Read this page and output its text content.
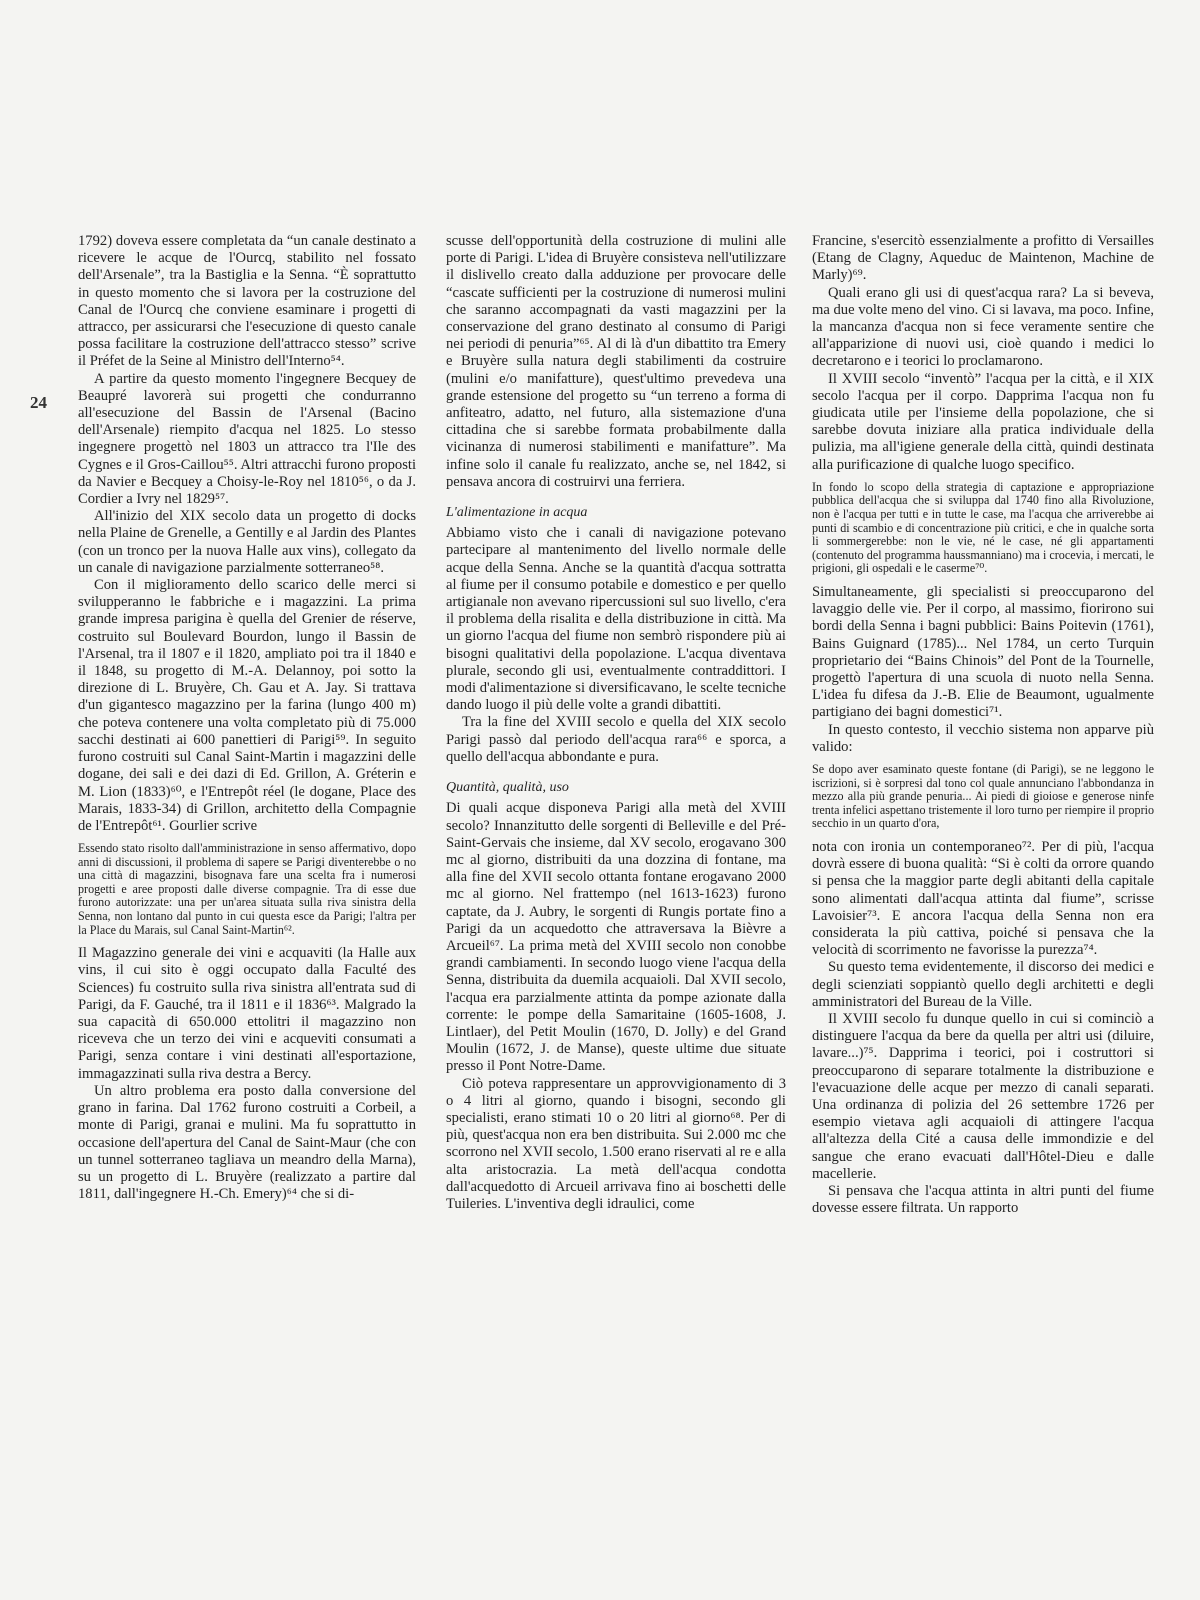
24

1792) doveva essere completata da “un canale destinato a ricevere le acque de l'Ourcq, stabilito nel fossato dell'Arsenale”, tra la Bastiglia e la Senna. “È soprattutto in questo momento che si lavora per la costruzione del Canal de l'Ourcq che conviene esaminare i progetti di attracco, per assicurarsi che l'esecuzione di questo canale possa facilitare la costruzione dell'attracco stesso” scrive il Préfet de la Seine al Ministro dell'Interno⁵⁴.

A partire da questo momento l'ingegnere Becquey de Beaupré lavorerà sui progetti che condurranno all'esecuzione del Bassin de l'Arsenal (Bacino dell'Arsenale) riempito d'acqua nel 1825. Lo stesso ingegnere progettò nel 1803 un attracco tra l'Ile des Cygnes e il Gros-Caillou⁵⁵. Altri attracchi furono proposti da Navier e Becquey a Choisy-le-Roy nel 1810⁵⁶, o da J. Cordier a Ivry nel 1829⁵⁷.

All'inizio del XIX secolo data un progetto di docks nella Plaine de Grenelle, a Gentilly e al Jardin des Plantes (con un tronco per la nuova Halle aux vins), collegato da un canale di navigazione parzialmente sotterraneo⁵⁸.

Con il miglioramento dello scarico delle merci si svilupperanno le fabbriche e i magazzini. La prima grande impresa parigina è quella del Grenier de réserve, costruito sul Boulevard Bourdon, lungo il Bassin de l'Arsenal, tra il 1807 e il 1820, ampliato poi tra il 1840 e il 1848, su progetto di M.-A. Delannoy, poi sotto la direzione di L. Bruyère, Ch. Gau et A. Jay. Si trattava d'un gigantesco magazzino per la farina (lungo 400 m) che poteva contenere una volta completato più di 75.000 sacchi destinati ai 600 panettieri di Parigi⁵⁹. In seguito furono costruiti sul Canal Saint-Martin i magazzini delle dogane, dei sali e dei dazi di Ed. Grillon, A. Gréterin e M. Lion (1833)⁶⁰, e l'Entrepôt réel (le dogane, Place des Marais, 1833-34) di Grillon, architetto della Compagnie de l'Entrepôt⁶¹. Gourlier scrive

Essendo stato risolto dall'amministrazione in senso affermativo, dopo anni di discussioni, il problema di sapere se Parigi diventerebbe o no una città di magazzini, bisognava fare una scelta fra i numerosi progetti e aree proposti dalle diverse compagnie. Tra di esse due furono autorizzate: una per un'area situata sulla riva sinistra della Senna, non lontano dal punto in cui questa esce da Parigi; l'altra per la Place du Marais, sul Canal Saint-Martin⁶².

Il Magazzino generale dei vini e acquaviti (la Halle aux vins, il cui sito è oggi occupato dalla Faculté des Sciences) fu costruito sulla riva sinistra all'entrata sud di Parigi, da F. Gauché, tra il 1811 e il 1836⁶³. Malgrado la sua capacità di 650.000 ettolitri il magazzino non riceveva che un terzo dei vini e acqueviti consumati a Parigi, senza contare i vini destinati all'esportazione, immagazzinati sulla riva destra a Bercy.

Un altro problema era posto dalla conversione del grano in farina. Dal 1762 furono costruiti a Corbeil, a monte di Parigi, granai e mulini. Ma fu soprattutto in occasione dell'apertura del Canal de Saint-Maur (che con un tunnel sotterraneo tagliava un meandro della Marna), su un progetto di L. Bruyère (realizzato a partire dal 1811, dall'ingegnere H.-Ch. Emery)⁶⁴ che si di-

scusse dell'opportunità della costruzione di mulini alle porte di Parigi. L'idea di Bruyère consisteva nell'utilizzare il dislivello creato dalla adduzione per provocare delle “cascate sufficienti per la costruzione di numerosi mulini che saranno accompagnati da vasti magazzini per la conservazione del grano destinato al consumo di Parigi nei periodi di penuria”⁶⁵. Al di là d'un dibattito tra Emery e Bruyère sulla natura degli stabilimenti da costruire (mulini e/o manifatture), quest'ultimo prevedeva una grande estensione del progetto su “un terreno a forma di anfiteatro, adatto, nel futuro, alla sistemazione d'una cittadina che si sarebbe formata probabilmente dalla vicinanza di numerosi stabilimenti e manifatture”. Ma infine solo il canale fu realizzato, anche se, nel 1842, si pensava ancora di costruirvi una ferriera.

L'alimentazione in acqua

Abbiamo visto che i canali di navigazione potevano partecipare al mantenimento del livello normale delle acque della Senna. Anche se la quantità d'acqua sottratta al fiume per il consumo potabile e domestico e per quello artigianale non avevano ripercussioni sul suo livello, c'era il problema della risalita e della distribuzione in città. Ma un giorno l'acqua del fiume non sembrò rispondere più ai bisogni qualitativi della popolazione. L'acqua diventava plurale, secondo gli usi, eventualmente contraddittori. I modi d'alimentazione si diversificavano, le scelte tecniche dando luogo il più delle volte a grandi dibattiti.

Tra la fine del XVIII secolo e quella del XIX secolo Parigi passò dal periodo dell'acqua rara⁶⁶ e sporca, a quello dell'acqua abbondante e pura.

Quantità, qualità, uso

Di quali acque disponeva Parigi alla metà del XVIII secolo? Innanzitutto delle sorgenti di Belleville e del Pré-Saint-Gervais che insieme, dal XV secolo, erogavano 300 mc al giorno, distribuiti da una dozzina di fontane, ma alla fine del XVII secolo ottanta fontane erogavano 2000 mc al giorno. Nel frattempo (nel 1613-1623) furono captate, da J. Aubry, le sorgenti di Rungis portate fino a Parigi da un acquedotto che attraversava la Bièvre a Arcueil⁶⁷. La prima metà del XVIII secolo non conobbe grandi cambiamenti. In secondo luogo viene l'acqua della Senna, distribuita da duemila acquaioli. Dal XVII secolo, l'acqua era parzialmente attinta da pompe azionate dalla corrente: le pompe della Samaritaine (1605-1608, J. Lintlaer), del Petit Moulin (1670, D. Jolly) e del Grand Moulin (1672, J. de Manse), queste ultime due situate presso il Pont Notre-Dame.

Ciò poteva rappresentare un approvvigionamento di 3 o 4 litri al giorno, quando i bisogni, secondo gli specialisti, erano stimati 10 o 20 litri al giorno⁶⁸. Per di più, quest'acqua non era ben distribuita. Sui 2.000 mc che scorrono nel XVII secolo, 1.500 erano riservati al re e alla alta aristocrazia. La metà dell'acqua condotta dall'acquedotto di Arcueil arrivava fino ai boschetti delle Tuileries. L'inventiva degli idraulici, come

Francine, s'esercitò essenzialmente a profitto di Versailles (Etang de Clagny, Aqueduc de Maintenon, Machine de Marly)⁶⁹.

Quali erano gli usi di quest'acqua rara? La si beveva, ma due volte meno del vino. Ci si lavava, ma poco. Infine, la mancanza d'acqua non si fece veramente sentire che all'apparizione di nuovi usi, cioè quando i medici lo decretarono e i teorici lo proclamarono.

Il XVIII secolo “inventò” l'acqua per la città, e il XIX secolo l'acqua per il corpo. Dapprima l'acqua non fu giudicata utile per l'insieme della popolazione, che si sarebbe dovuta iniziare alla pratica individuale della pulizia, ma all'igiene generale della città, quindi destinata alla purificazione di qualche luogo specifico.

In fondo lo scopo della strategia di captazione e appropriazione pubblica dell'acqua che si sviluppa dal 1740 fino alla Rivoluzione, non è l'acqua per tutti e in tutte le case, ma l'acqua che arriverebbe ai punti di scambio e di concentrazione più critici, e che in qualche sorta li sommergerebbe: non le vie, né le case, né gli appartamenti (contenuto del programma haussmanniano) ma i crocevia, i mercati, le prigioni, gli ospedali e le caserme⁷⁰.

Simultaneamente, gli specialisti si preoccuparono del lavaggio delle vie. Per il corpo, al massimo, fiorirono sui bordi della Senna i bagni pubblici: Bains Poitevin (1761), Bains Guignard (1785)... Nel 1784, un certo Turquin proprietario dei “Bains Chinois” del Pont de la Tournelle, progettò l'apertura di una scuola di nuoto nella Senna. L'idea fu difesa da J.-B. Elie de Beaumont, ugualmente partigiano dei bagni domestici⁷¹.

In questo contesto, il vecchio sistema non apparve più valido:

Se dopo aver esaminato queste fontane (di Parigi), se ne leggono le iscrizioni, si è sorpresi dal tono col quale annunciano l'abbondanza in mezzo alla più grande penuria... Ai piedi di gioiose e generose ninfe trenta infelici aspettano tristemente il loro turno per riempire il proprio secchio in un quarto d'ora,

nota con ironia un contemporaneo⁷². Per di più, l'acqua dovrà essere di buona qualità: “Si è colti da orrore quando si pensa che la maggior parte degli abitanti della capitale sono alimentati dall'acqua attinta dal fiume”, scrisse Lavoisier⁷³. E ancora l'acqua della Senna non era considerata la più cattiva, poiché si pensava che la velocità di scorrimento ne favorisse la purezza⁷⁴.

Su questo tema evidentemente, il discorso dei medici e degli scienziati soppiantò quello degli architetti e degli amministratori del Bureau de la Ville.

Il XVIII secolo fu dunque quello in cui si cominciò a distinguere l'acqua da bere da quella per altri usi (diluire, lavare...)⁷⁵. Dapprima i teorici, poi i costruttori si preoccuparono di separare totalmente la distribuzione e l'evacuazione delle acque per mezzo di canali separati. Una ordinanza di polizia del 26 settembre 1726 per esempio vietava agli acquaioli di attingere l'acqua all'altezza della Cité a causa delle immondizie e del sangue che erano evacuati dall'Hôtel-Dieu e dalle macellerie.

Si pensava che l'acqua attinta in altri punti del fiume dovesse essere filtrata. Un rapporto
